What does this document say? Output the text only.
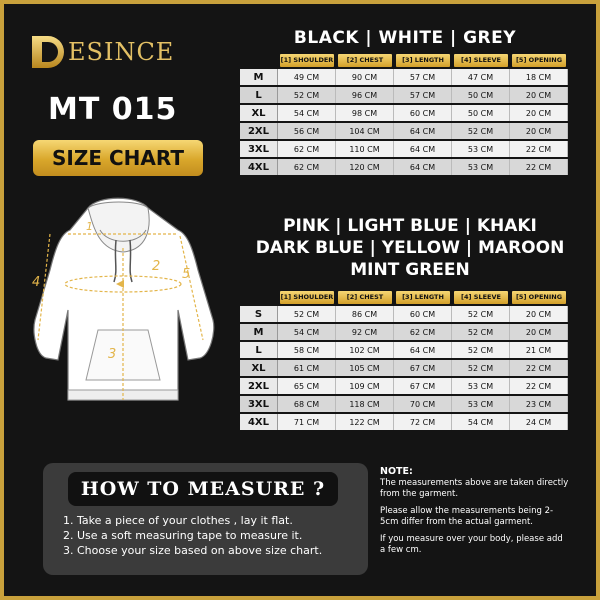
ESINCE
MT 015
SIZE CHART
1
2
3
4
5
BLACK | WHITE | GREY

	[1] SHOULDER	[2] CHEST	[3] LENGTH	[4] SLEEVE	[5] OPENING

M	49 CM	90 CM	57 CM	47 CM	18 CM
L	52 CM	96 CM	57 CM	50 CM	20 CM
XL	54 CM	98 CM	60 CM	50 CM	20 CM
2XL	56 CM	104 CM	64 CM	52 CM	20 CM
3XL	62 CM	110 CM	64 CM	53 CM	22 CM
4XL	62 CM	120 CM	64 CM	53 CM	22 CM
PINK | LIGHT BLUE | KHAKI
DARK BLUE | YELLOW | MAROON
MINT GREEN

	[1] SHOULDER	[2] CHEST	[3] LENGTH	[4] SLEEVE	[5] OPENING

S	52 CM	86 CM	60 CM	52 CM	20 CM
M	54 CM	92 CM	62 CM	52 CM	20 CM
L	58 CM	102 CM	64 CM	52 CM	21 CM
XL	61 CM	105 CM	67 CM	52 CM	22 CM
2XL	65 CM	109 CM	67 CM	53 CM	22 CM
3XL	68 CM	118 CM	70 CM	53 CM	23 CM
4XL	71 CM	122 CM	72 CM	54 CM	24 CM
HOW TO MEASURE ?
1. Take a piece of your clothes , lay it flat.
2. Use a soft measuring tape to measure it.
3. Choose your size based on above size chart.
NOTE:

The measurements above are taken directly from the garment.

Please allow the measurements being 2-5cm differ from the actual garment.

If you measure over your body, please add a few cm.
